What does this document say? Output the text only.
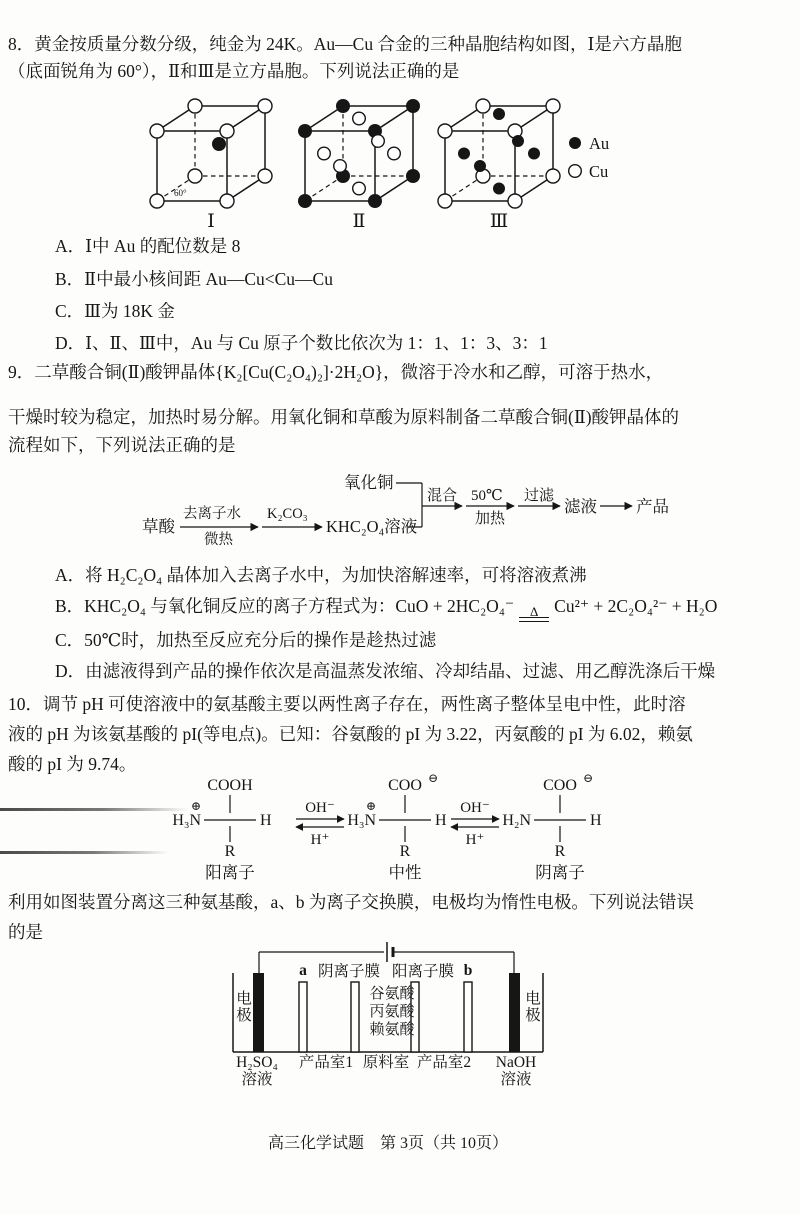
8．黄金按质量分数分级，纯金为 24K。Au—Cu 合金的三种晶胞结构如图，Ⅰ是六方晶胞
（底面锐角为 60°），Ⅱ和Ⅲ是立方晶胞。下列说法正确的是
60°
Ⅰ	Ⅱ	Ⅲ
Au
Cu
A．Ⅰ中 Au 的配位数是 8
B．Ⅱ中最小核间距 Au—Cu<Cu—Cu
C．Ⅲ为 18K 金
D．Ⅰ、Ⅱ、Ⅲ中，Au 与 Cu 原子个数比依次为 1：1、1：3、3：1
9．二草酸合铜(Ⅱ)酸钾晶体{K₂[Cu(C₂O₄)₂]·2H₂O}，微溶于冷水和乙醇，可溶于热水，
干燥时较为稳定，加热时易分解。用氧化铜和草酸为原料制备二草酸合铜(Ⅱ)酸钾晶体的
流程如下，下列说法正确的是
草酸
去离子水
微热
K₂CO₃
KHC₂O₄溶液
氧化铜
混合 50℃
加热
过滤
滤液 产品
A．将 H₂C₂O₄ 晶体加入去离子水中，为加快溶解速率，可将溶液煮沸
B．KHC₂O₄ 与氧化铜反应的离子方程式为：CuO + 2HC₂O₄⁻ Δ Cu²⁺ + 2C₂O₄²⁻ + H₂O
C．50℃时，加热至反应充分后的操作是趁热过滤
D．由滤液得到产品的操作依次是高温蒸发浓缩、冷却结晶、过滤、用乙醇洗涤后干燥
10．调节 pH 可使溶液中的氨基酸主要以两性离子存在，两性离子整体呈电中性，此时溶
液的 pH 为该氨基酸的 pI(等电点)。已知：谷氨酸的 pI 为 3.22，丙氨酸的 pI 为 6.02，赖氨
酸的 pI 为 9.74。
COOH
⊕
H₃N	H
R
阳离子
OH⁻
H⁺
COO ⊖
⊕
H₃N	H
R
中性
OH⁻
H⁺
COO ⊖
H₂N	H
R
阴离子
利用如图装置分离这三种氨基酸，a、b 为离子交换膜，电极均为惰性电极。下列说法错误
的是
a 阴离子膜 阳离子膜 b
电极	电极
谷氨酸
丙氨酸
赖氨酸
H₂SO₄
溶液
产品室1 原料室 产品室2	NaOH
溶液
高三化学试题　第 3页（共 10页）
